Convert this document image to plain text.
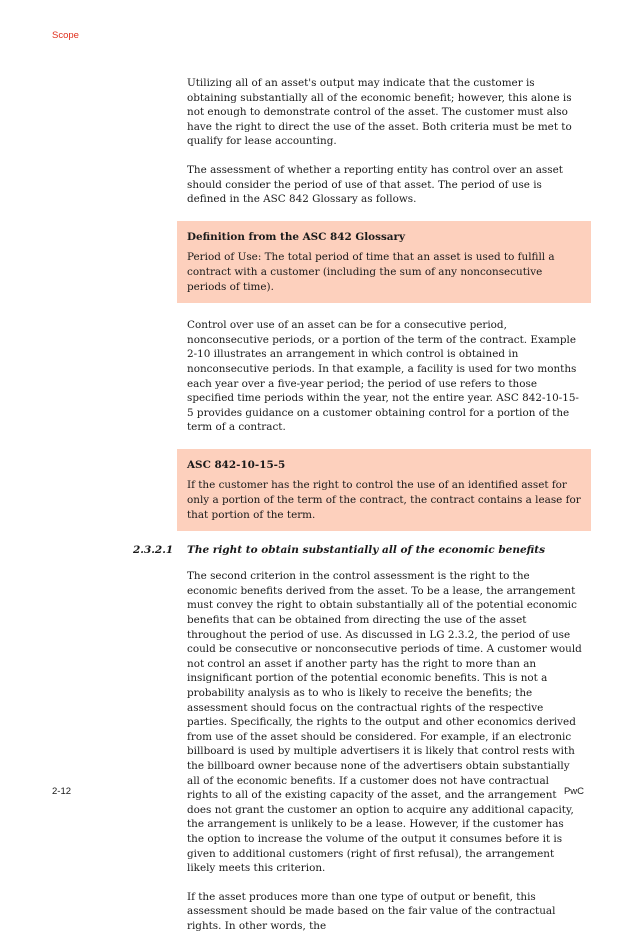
Scope

Utilizing all of an asset's output may indicate that the customer is obtaining substantially all of the economic benefit; however, this alone is not enough to demonstrate control of the asset. The customer must also have the right to direct the use of the asset. Both criteria must be met to qualify for lease accounting.

The assessment of whether a reporting entity has control over an asset should consider the period of use of that asset. The period of use is defined in the ASC 842 Glossary as follows.

Definition from the ASC 842 Glossary

Period of Use: The total period of time that an asset is used to fulfill a contract with a customer (including the sum of any nonconsecutive periods of time).

Control over use of an asset can be for a consecutive period, nonconsecutive periods, or a portion of the term of the contract. Example 2-10 illustrates an arrangement in which control is obtained in nonconsecutive periods. In that example, a facility is used for two months each year over a five-year period; the period of use refers to those specified time periods within the year, not the entire year. ASC 842-10-15-5 provides guidance on a customer obtaining control for a portion of the term of a contract.

ASC 842-10-15-5

If the customer has the right to control the use of an identified asset for only a portion of the term of the contract, the contract contains a lease for that portion of the term.

2.3.2.1 The right to obtain substantially all of the economic benefits

The second criterion in the control assessment is the right to the economic benefits derived from the asset. To be a lease, the arrangement must convey the right to obtain substantially all of the potential economic benefits that can be obtained from directing the use of the asset throughout the period of use. As discussed in LG 2.3.2, the period of use could be consecutive or nonconsecutive periods of time. A customer would not control an asset if another party has the right to more than an insignificant portion of the potential economic benefits. This is not a probability analysis as to who is likely to receive the benefits; the assessment should focus on the contractual rights of the respective parties. Specifically, the rights to the output and other economics derived from use of the asset should be considered. For example, if an electronic billboard is used by multiple advertisers it is likely that control rests with the billboard owner because none of the advertisers obtain substantially all of the economic benefits. If a customer does not have contractual rights to all of the existing capacity of the asset, and the arrangement does not grant the customer an option to acquire any additional capacity, the arrangement is unlikely to be a lease. However, if the customer has the option to increase the volume of the output it consumes before it is given to additional customers (right of first refusal), the arrangement likely meets this criterion.

If the asset produces more than one type of output or benefit, this assessment should be made based on the fair value of the contractual rights. In other words, the

2-12	PwC
